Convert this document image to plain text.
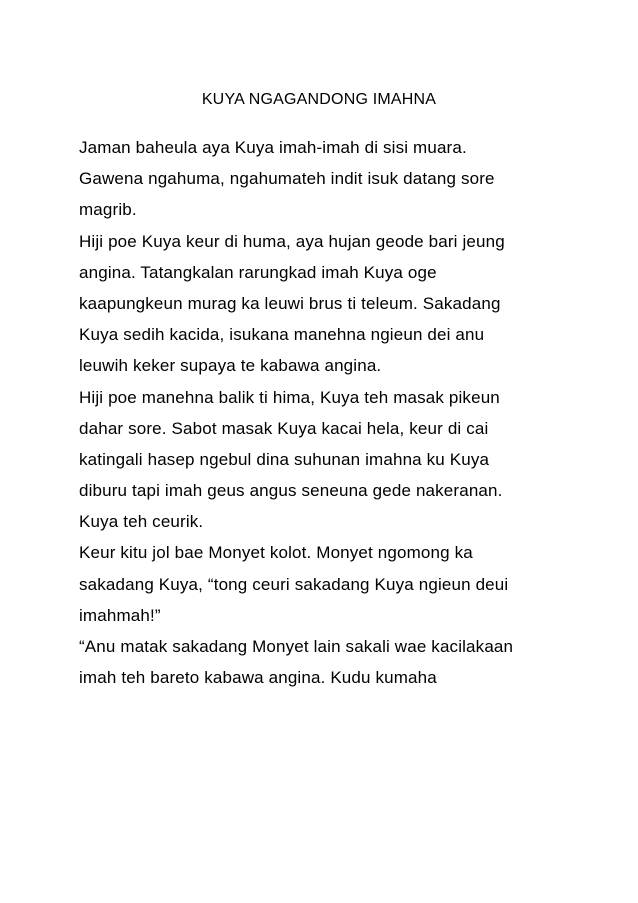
KUYA NGAGANDONG IMAHNA
Jaman baheula aya Kuya imah-imah di sisi muara.
Gawena ngahuma, ngahumateh indit isuk datang sore
magrib.
Hiji poe Kuya keur di huma, aya hujan geode bari jeung
angina. Tatangkalan rarungkad imah Kuya oge
kaapungkeun murag ka leuwi brus ti teleum. Sakadang
Kuya sedih kacida, isukana manehna ngieun dei anu
leuwih keker supaya te kabawa angina.
Hiji poe manehna balik ti hima, Kuya teh masak pikeun
dahar sore. Sabot masak Kuya kacai hela, keur di cai
katingali hasep ngebul dina suhunan imahna ku Kuya
diburu tapi imah geus angus seneuna gede nakeranan.
Kuya teh ceurik.
Keur kitu jol bae Monyet kolot. Monyet ngomong ka
sakadang Kuya, “tong ceuri sakadang Kuya ngieun deui
imahmah!”
“Anu matak sakadang Monyet lain sakali wae kacilakaan
imah teh bareto kabawa angina. Kudu kumaha
